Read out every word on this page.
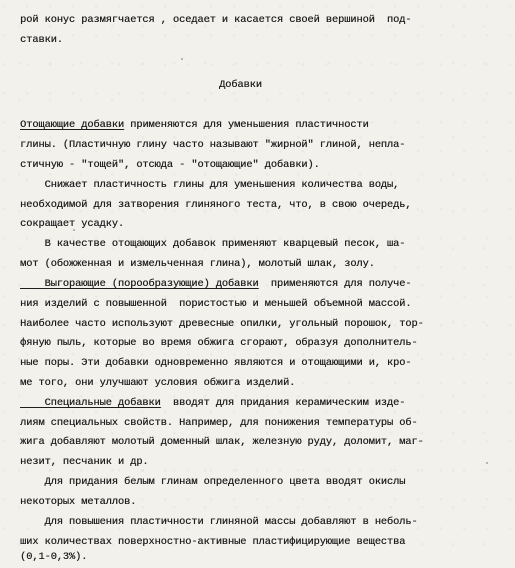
рой конус размягчается , оседает и касается своей вершиной  под-
ставки.
Добавки
Отощающие добавки применяются для уменьшения пластичности
глины. (Пластичную глину часто называют "жирной" глиной, непла-
стичную - "тощей", отсюда - "отощающие" добавки).
Снижает пластичность глины для уменьшения количества воды,
необходимой для затворения глиняного теста, что, в свою очередь,
сокращает усадку.
В качестве отощающих добавок применяют кварцевый песок, ша-
мот (обожженная и измельченная глина), молотый шлак, золу.
Выгорающие (порообразующие) добавки  применяются для получе-
ния изделий с повышенной  пористостью и меньшей объемной массой.
Наиболее часто используют древесные опилки, угольный порошок, тор-
фяную пыль, которые во время обжига сгорают, образуя дополнитель-
ные поры. Эти добавки одновременно являются и отощающими и, кро-
ме того, они улучшают условия обжига изделий.
Специальные добавки  вводят для придания керамическим изде-
лиям специальных свойств. Например, для понижения температуры об-
жига добавляют молотый доменный шлак, железную руду, доломит, маг-
незит, песчаник и др.
Для придания белым глинам определенного цвета вводят окислы
некоторых металлов.
Для повышения пластичности глиняной массы добавляют в неболь-
ших количествах поверхностно-активные пластифицирующие вещества
(0,1-0,3%).
